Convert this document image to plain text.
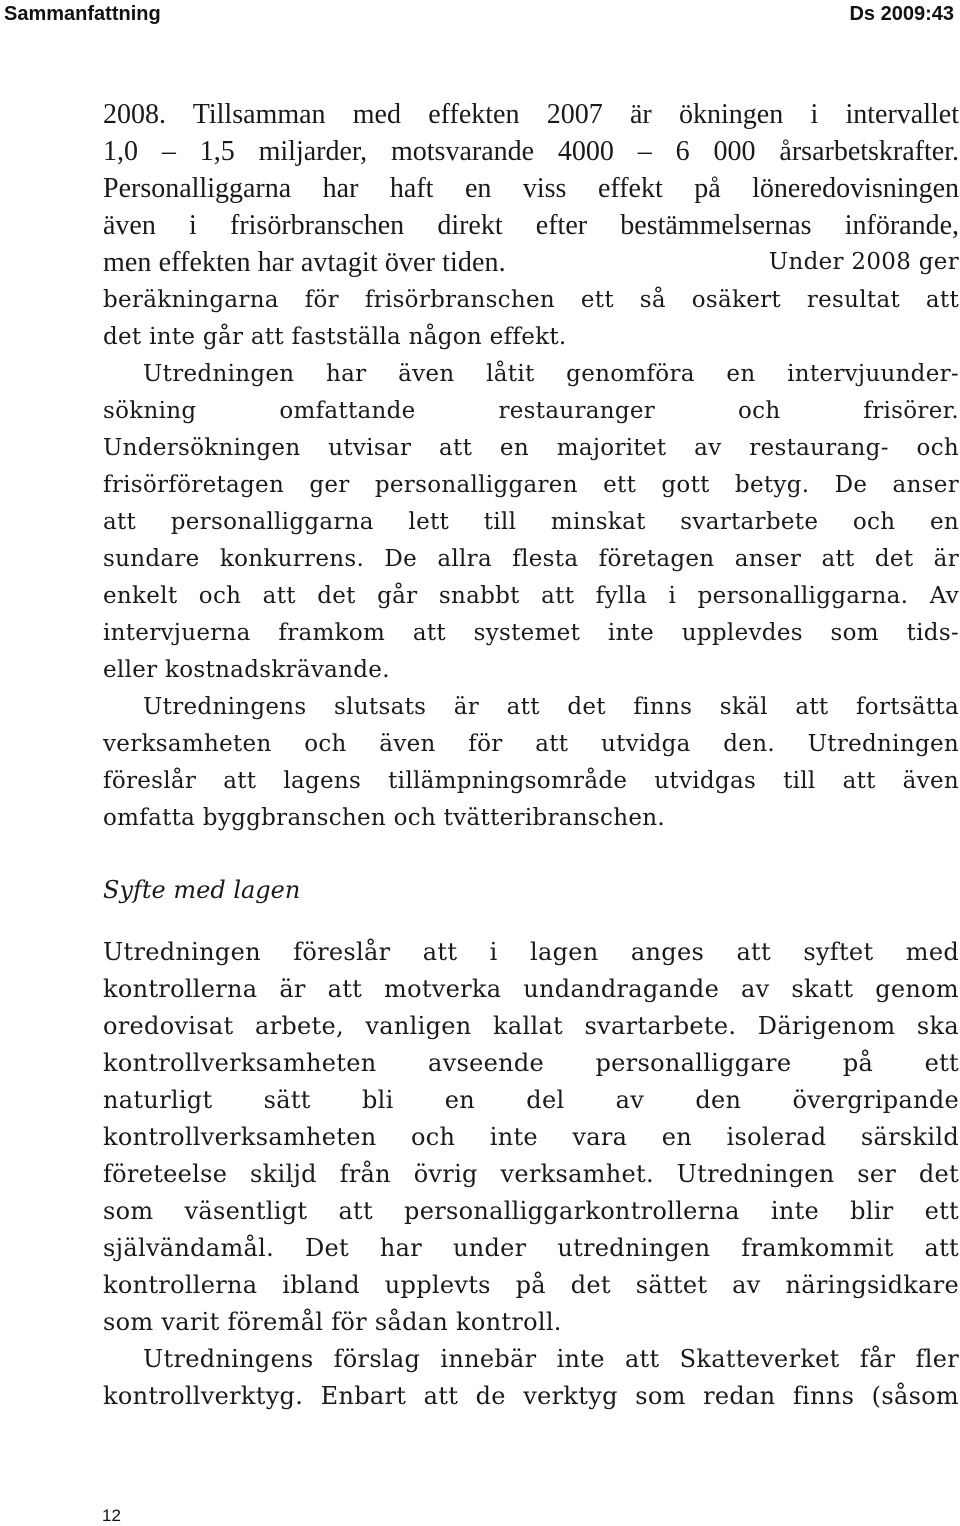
Sammanfattning	Ds 2009:43
2008. Tillsamman med effekten 2007 är ökningen i intervallet
1,0 – 1,5 miljarder, motsvarande 4000 – 6 000 årsarbetskrafter.
Personalliggarna har haft en viss effekt på löneredovisningen
även i frisörbranschen direkt efter bestämmelsernas införande,
men effekten har avtagit över tiden.	Under 2008 ger
beräkningarna för frisörbranschen ett så osäkert resultat att
det inte går att fastställa någon effekt.
Utredningen har även låtit genomföra en intervjuunder-
sökning omfattande restauranger och frisörer.
Undersökningen utvisar att en majoritet av restaurang- och
frisörföretagen ger personalliggaren ett gott betyg. De anser
att personalliggarna lett till minskat svartarbete och en
sundare konkurrens. De allra flesta företagen anser att det är
enkelt och att det går snabbt att fylla i personalliggarna. Av
intervjuerna framkom att systemet inte upplevdes som tids-
eller kostnadskrävande.
Utredningens slutsats är att det finns skäl att fortsätta
verksamheten och även för att utvidga den. Utredningen
föreslår att lagens tillämpningsområde utvidgas till att även
omfatta byggbranschen och tvätteribranschen.
Syfte med lagen
Utredningen föreslår att i lagen anges att syftet med
kontrollerna är att motverka undandragande av skatt genom
oredovisat arbete, vanligen kallat svartarbete. Därigenom ska
kontrollverksamheten avseende personalliggare på ett
naturligt sätt bli en del av den övergripande
kontrollverksamheten och inte vara en isolerad särskild
företeelse skiljd från övrig verksamhet. Utredningen ser det
som väsentligt att personalliggarkontrollerna inte blir ett
självändamål. Det har under utredningen framkommit att
kontrollerna ibland upplevts på det sättet av näringsidkare
som varit föremål för sådan kontroll.
Utredningens förslag innebär inte att Skatteverket får fler
kontrollverktyg. Enbart att de verktyg som redan finns (såsom
12
